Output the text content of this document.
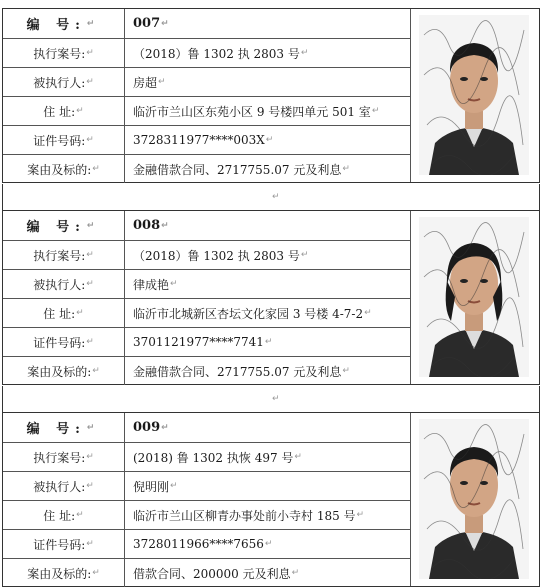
编 号: ↵	007 ↵
执行案号: ↵	（2018）鲁 1302 执 2803 号 ↵
被执行人: ↵	房超 ↵
住 址: ↵	临沂市兰山区东苑小区 9 号楼四单元 501 室 ↵
证件号码: ↵	3728311977****003X ↵
案由及标的: ↵	金融借款合同、2717755.07 元及利息 ↵
编 号: ↵	008 ↵
执行案号: ↵	（2018）鲁 1302 执 2803 号 ↵
被执行人: ↵	律成艳 ↵
住 址: ↵	临沂市北城新区杏坛文化家园 3 号楼 4-7-2 ↵
证件号码: ↵	3701121977****7741 ↵
案由及标的: ↵	金融借款合同、2717755.07 元及利息 ↵
编 号: ↵	009 ↵
执行案号: ↵	(2018) 鲁 1302 执恢 497 号 ↵
被执行人: ↵	倪明刚 ↵
住 址: ↵	临沂市兰山区柳青办事处前小寺村 185 号 ↵
证件号码: ↵	3728011966****7656 ↵
案由及标的: ↵	借款合同、200000 元及利息 ↵
↵
↵
